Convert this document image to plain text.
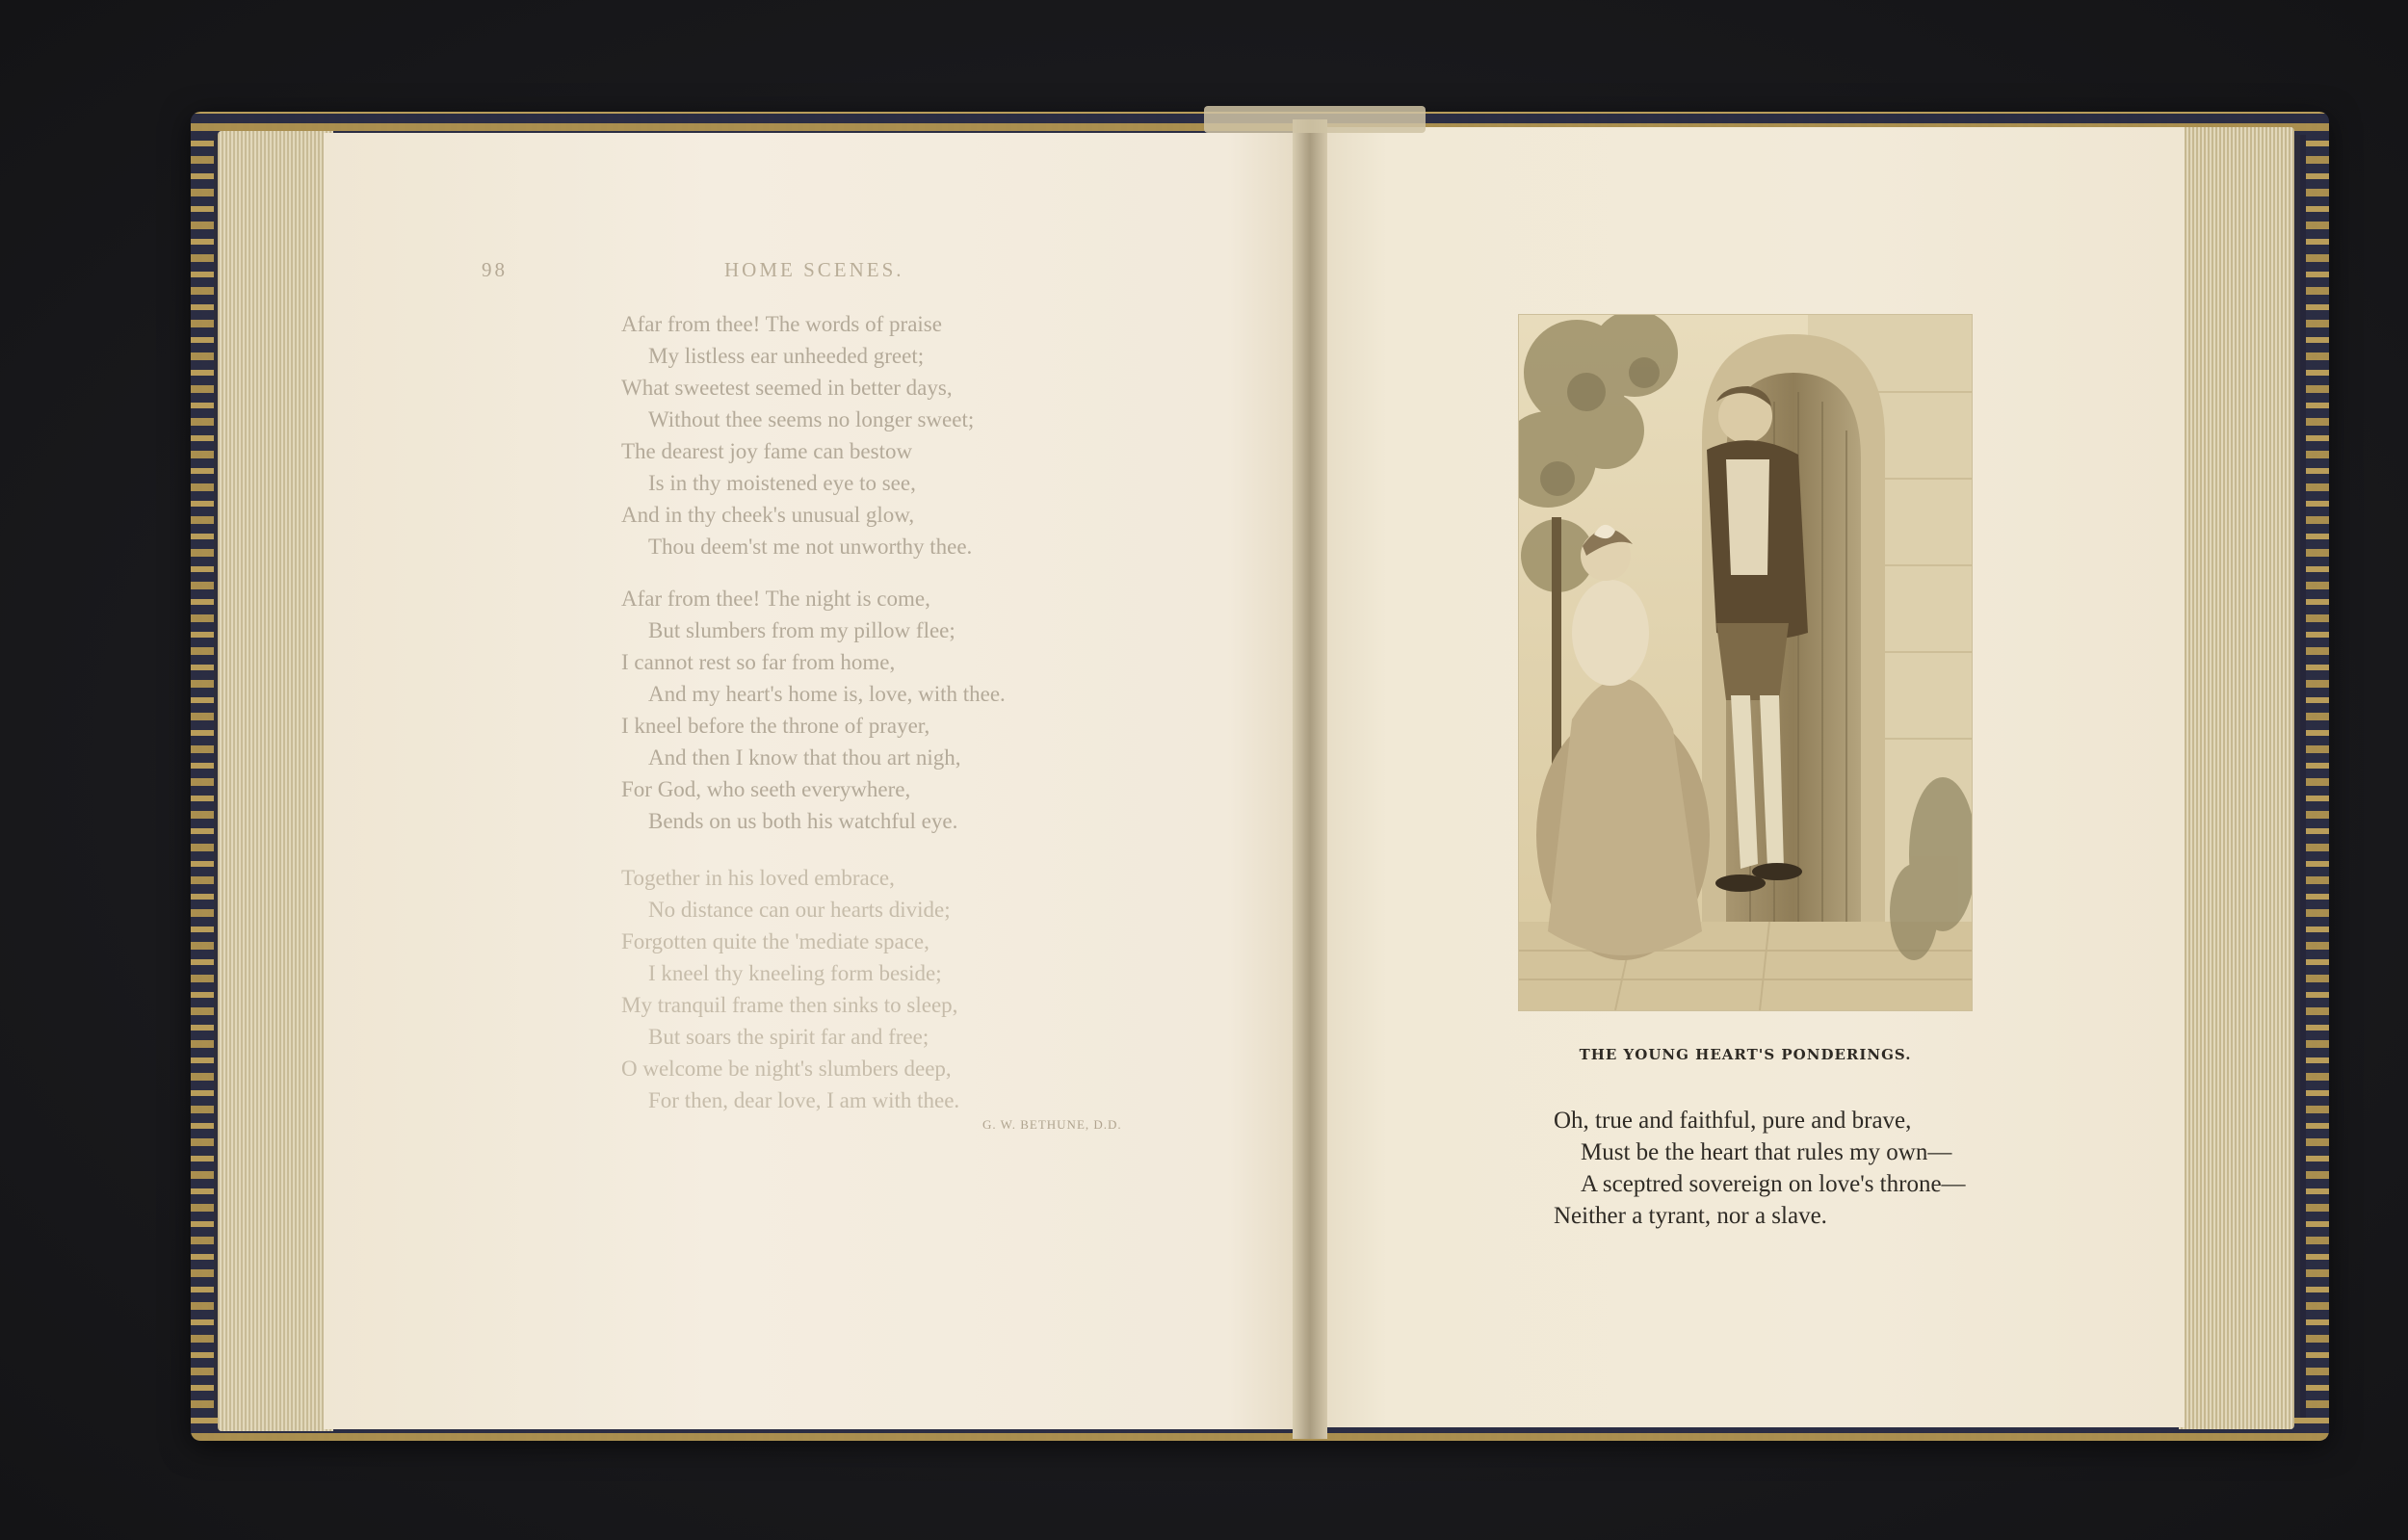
98	HOME SCENES.
Afar from thee! The words of praise
My listless ear unheeded greet;
What sweetest seemed in better days,
Without thee seems no longer sweet;
The dearest joy fame can bestow
Is in thy moistened eye to see,
And in thy cheek's unusual glow,
Thou deem'st me not unworthy thee.
Afar from thee! The night is come,
But slumbers from my pillow flee;
I cannot rest so far from home,
And my heart's home is, love, with thee.
I kneel before the throne of prayer,
And then I know that thou art nigh,
For God, who seeth everywhere,
Bends on us both his watchful eye.
Together in his loved embrace,
No distance can our hearts divide;
Forgotten quite the 'mediate space,
I kneel thy kneeling form beside;
My tranquil frame then sinks to sleep,
But soars the spirit far and free;
O welcome be night's slumbers deep,
For then, dear love, I am with thee.
G. W. BETHUNE, D.D.
THE YOUNG HEART'S PONDERINGS.
Oh, true and faithful, pure and brave,
Must be the heart that rules my own—
A sceptred sovereign on love's throne—
Neither a tyrant, nor a slave.
